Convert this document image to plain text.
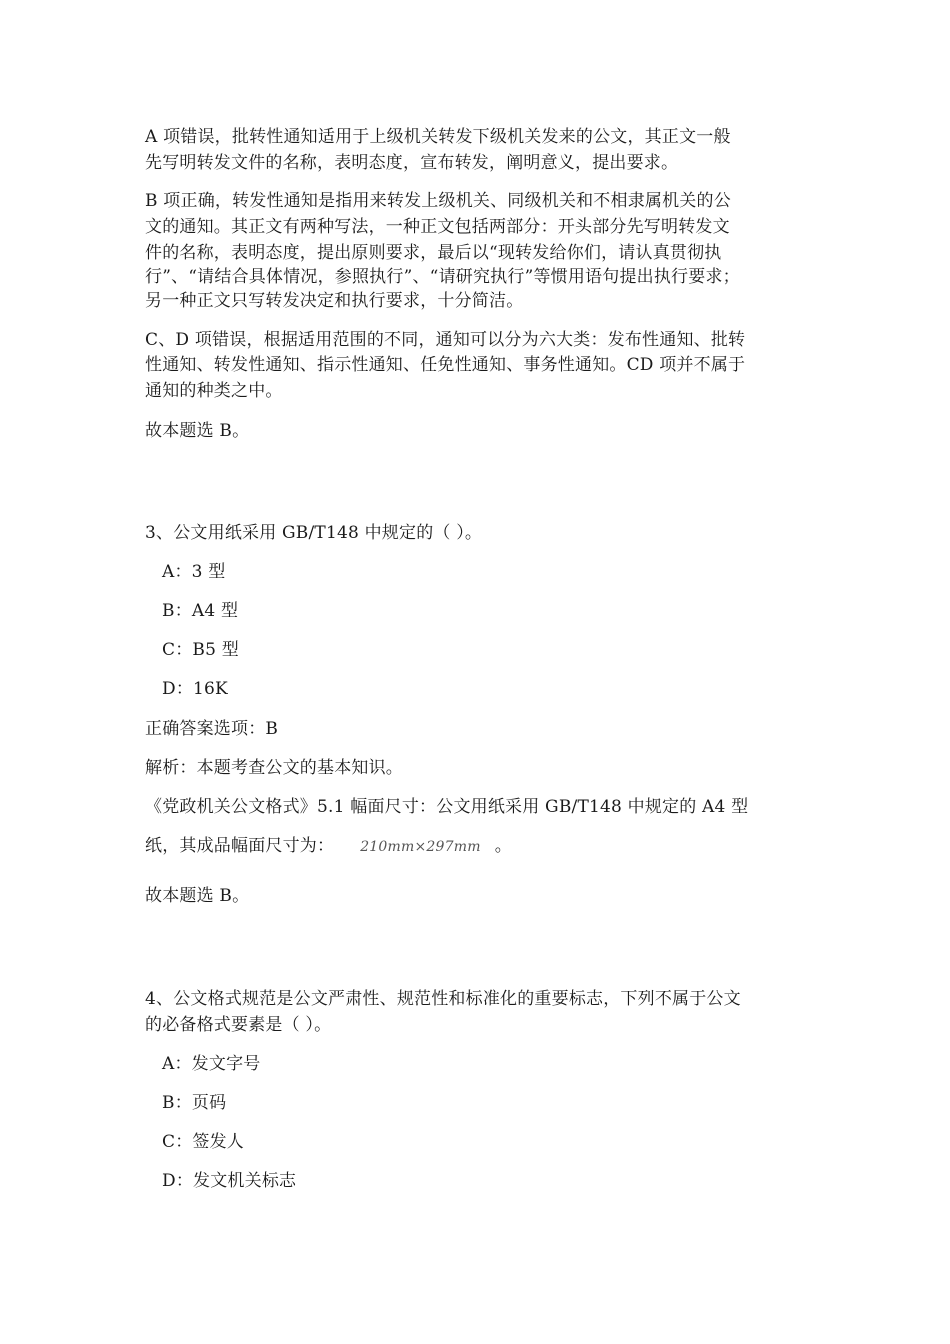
A 项错误，批转性通知适用于上级机关转发下级机关发来的公文，其正文一般
先写明转发文件的名称，表明态度，宣布转发，阐明意义，提出要求。
B 项正确，转发性通知是指用来转发上级机关、同级机关和不相隶属机关的公
文的通知。其正文有两种写法，一种正文包括两部分：开头部分先写明转发文
件的名称，表明态度，提出原则要求，最后以“现转发给你们，请认真贯彻执
行”、“请结合具体情况，参照执行”、“请研究执行”等惯用语句提出执行要求；
另一种正文只写转发决定和执行要求，十分简洁。
C、D 项错误，根据适用范围的不同，通知可以分为六大类：发布性通知、批转
性通知、转发性通知、指示性通知、任免性通知、事务性通知。CD 项并不属于
通知的种类之中。
故本题选 B。
3、公文用纸采用 GB/T148 中规定的（ ）。
A：3 型
B：A4 型
C：B5 型
D：16K
正确答案选项：B
解析：本题考查公文的基本知识。
《党政机关公文格式》5.1 幅面尺寸：公文用纸采用 GB/T148 中规定的 A4 型
纸，其成品幅面尺寸为： 210mm×297mm 。
故本题选 B。
4、公文格式规范是公文严肃性、规范性和标准化的重要标志，下列不属于公文
的必备格式要素是（ ）。
A：发文字号
B：页码
C：签发人
D：发文机关标志
